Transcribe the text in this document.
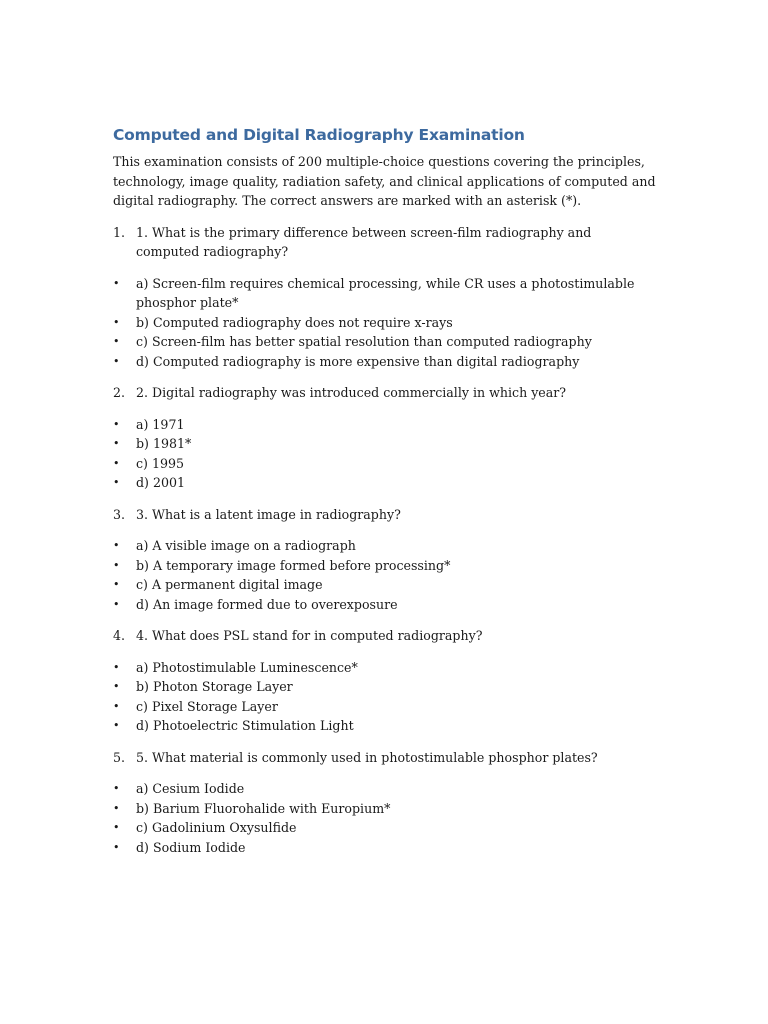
Computed and Digital Radiography Examination

This examination consists of 200 multiple-choice questions covering the principles, technology, image quality, radiation safety, and clinical applications of computed and digital radiography. The correct answers are marked with an asterisk (*).

1. 1. What is the primary difference between screen-film radiography and computed radiography?
•	a) Screen-film requires chemical processing, while CR uses a photostimulable phosphor plate*
•	b) Computed radiography does not require x-rays
•	c) Screen-film has better spatial resolution than computed radiography
•	d) Computed radiography is more expensive than digital radiography
2. 2. Digital radiography was introduced commercially in which year?
•	a) 1971
•	b) 1981*
•	c) 1995
•	d) 2001
3. 3. What is a latent image in radiography?
•	a) A visible image on a radiograph
•	b) A temporary image formed before processing*
•	c) A permanent digital image
•	d) An image formed due to overexposure
4. 4. What does PSL stand for in computed radiography?
•	a) Photostimulable Luminescence*
•	b) Photon Storage Layer
•	c) Pixel Storage Layer
•	d) Photoelectric Stimulation Light
5. 5. What material is commonly used in photostimulable phosphor plates?
•	a) Cesium Iodide
•	b) Barium Fluorohalide with Europium*
•	c) Gadolinium Oxysulfide
•	d) Sodium Iodide
